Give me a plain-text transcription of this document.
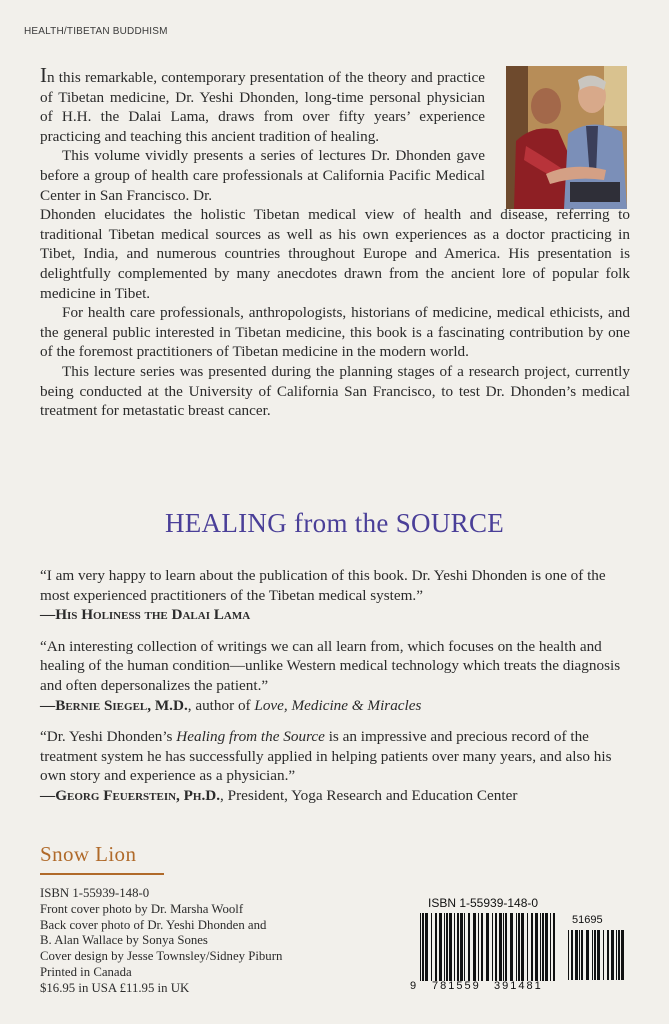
HEALTH/TIBETAN BUDDHISM

In this remarkable, contemporary presentation of the theory and practice of Tibetan medicine, Dr. Yeshi Dhonden, long-time personal physician of H.H. the Dalai Lama, draws from over fifty years’ experience practicing and teaching this ancient tradition of healing.

This volume vividly presents a series of lectures Dr. Dhonden gave before a group of health care professionals at California Pacific Medical Center in San Francisco. Dr.

Dhonden elucidates the holistic Tibetan medical view of health and disease, referring to traditional Tibetan medical sources as well as his own experiences as a doctor practicing in Tibet, India, and numerous countries throughout Europe and America. His presentation is delightfully complemented by many anecdotes drawn from the ancient lore of popular folk medicine in Tibet.

For health care professionals, anthropologists, historians of medicine, medical ethicists, and the general public interested in Tibetan medicine, this book is a fascinating contribution by one of the foremost practitioners of Tibetan medicine in the modern world.

This lecture series was presented during the planning stages of a research project, currently being conducted at the University of California San Francisco, to test Dr. Dhonden’s medical treatment for metastatic breast cancer.

HEALING from the SOURCE
“I am very happy to learn about the publication of this book. Dr. Yeshi Dhonden is one of the most experienced practitioners of the Tibetan medical system.”
—His Holiness the Dalai Lama
“An interesting collection of writings we can all learn from, which focuses on the health and healing of the human condition—unlike Western medical technology which treats the diagnosis and often depersonalizes the patient.”
—Bernie Siegel, M.D., author of Love, Medicine & Miracles
“Dr. Yeshi Dhonden’s Healing from the Source is an impressive and precious record of the treatment system he has successfully applied in helping patients over many years, and also his own story and experience as a physician.”
—Georg Feuerstein, Ph.D., President, Yoga Research and Education Center
Snow Lion
ISBN 1-55939-148-0
Front cover photo by Dr. Marsha Woolf
Back cover photo of Dr. Yeshi Dhonden and
B. Alan Wallace by Sonya Sones
Cover design by Jesse Townsley/Sidney Piburn
Printed in Canada
$16.95 in USA £11.95 in UK
ISBN 1-55939-148-0
51695
9 781559 391481
